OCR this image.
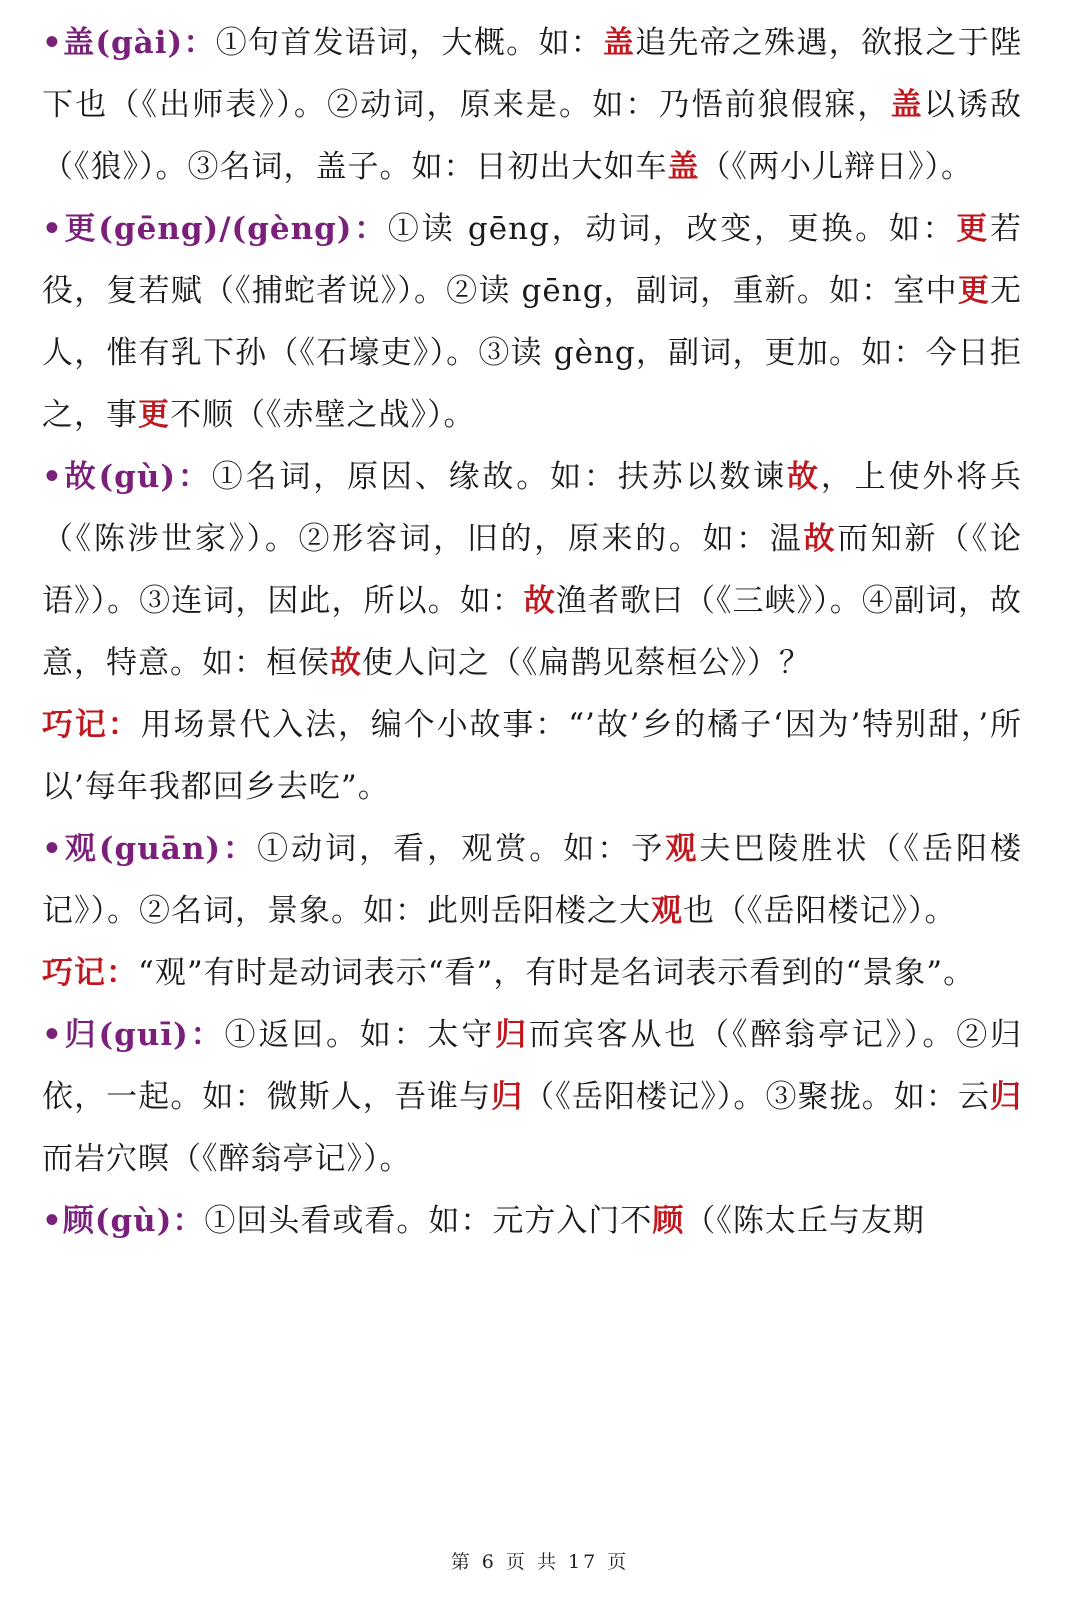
•盖(gài)：①句首发语词，大概。如：盖追先帝之殊遇，欲报之于陛下也（《出师表》）。②动词，原来是。如：乃悟前狼假寐，盖以诱敌（《狼》）。③名词，盖子。如：日初出大如车盖（《两小儿辩日》）。

•更(gēng)/(gèng)：①读 gēng，动词，改变，更换。如：更若役，复若赋（《捕蛇者说》）。②读 gēng，副词，重新。如：室中更无人，惟有乳下孙（《石壕吏》）。③读 gèng，副词，更加。如：今日拒之，事更不顺（《赤壁之战》）。

•故(gù)：①名词，原因、缘故。如：扶苏以数谏故，上使外将兵（《陈涉世家》）。②形容词，旧的，原来的。如：温故而知新（《论语》）。③连词，因此，所以。如：故渔者歌曰（《三峡》）。④副词，故意，特意。如：桓侯故使人问之（《扁鹊见蔡桓公》）？

巧记：用场景代入法，编个小故事：“’故’乡的橘子‘因为’特别甜，’所以’每年我都回乡去吃”。

•观(guān)：①动词，看，观赏。如：予观夫巴陵胜状（《岳阳楼记》）。②名词，景象。如：此则岳阳楼之大观也（《岳阳楼记》）。

巧记：“观”有时是动词表示“看”，有时是名词表示看到的“景象”。

•归(guī)：①返回。如：太守归而宾客从也（《醉翁亭记》）。②归依，一起。如：微斯人，吾谁与归（《岳阳楼记》）。③聚拢。如：云归而岩穴暝（《醉翁亭记》）。

•顾(gù)：①回头看或看。如：元方入门不顾（《陈太丘与友期

第 6 页 共 17 页
